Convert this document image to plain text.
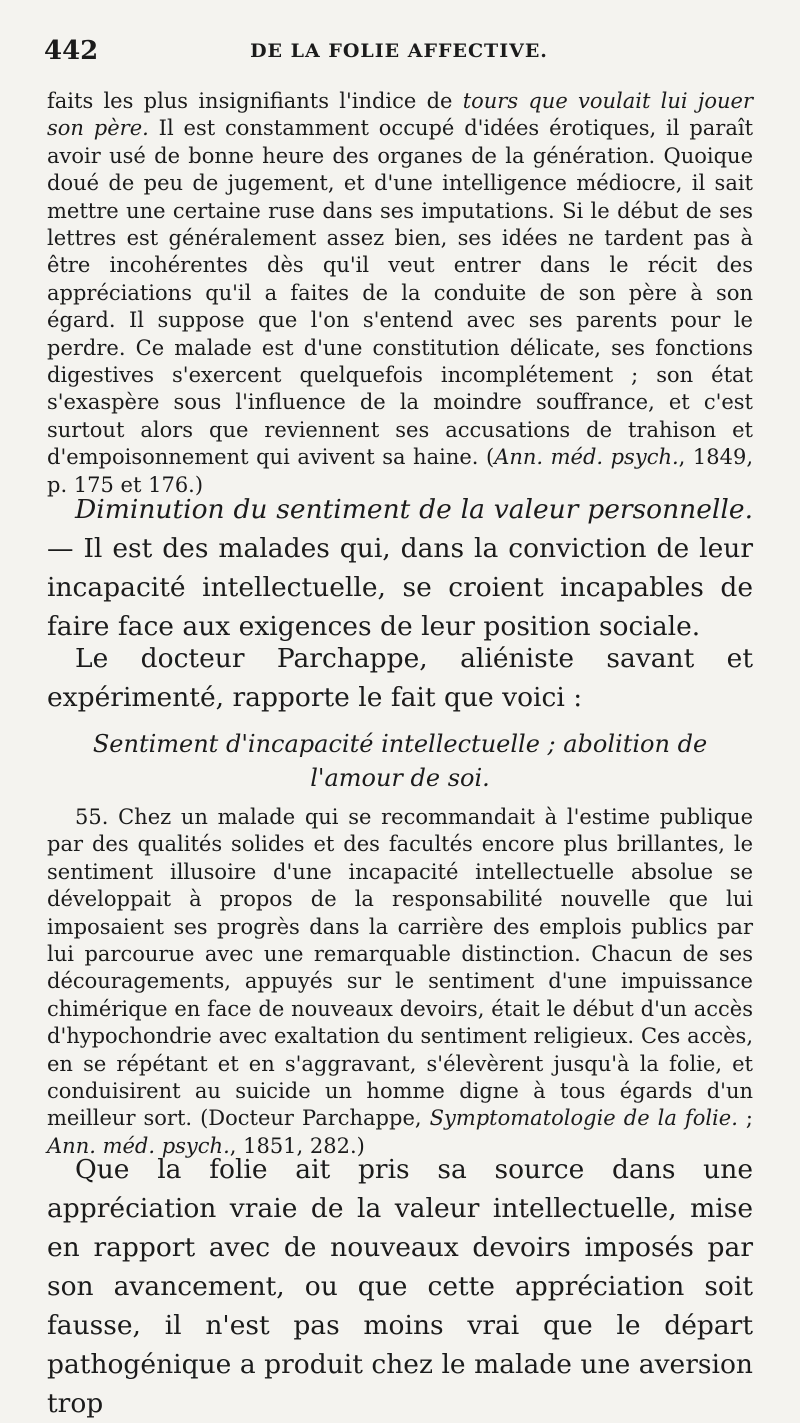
442	DE LA FOLIE AFFECTIVE.
faits les plus insignifiants l'indice de tours que voulait lui jouer son père. Il est constamment occupé d'idées érotiques, il paraît avoir usé de bonne heure des organes de la génération. Quoique doué de peu de jugement, et d'une intelligence médiocre, il sait mettre une certaine ruse dans ses imputations. Si le début de ses lettres est généralement assez bien, ses idées ne tardent pas à être incohérentes dès qu'il veut entrer dans le récit des appréciations qu'il a faites de la conduite de son père à son égard. Il suppose que l'on s'entend avec ses parents pour le perdre. Ce malade est d'une constitution délicate, ses fonctions digestives s'exercent quelquefois incomplétement ; son état s'exaspère sous l'influence de la moindre souffrance, et c'est surtout alors que reviennent ses accusations de trahison et d'empoisonnement qui avivent sa haine. (Ann. méd. psych., 1849, p. 175 et 176.)
Diminution du sentiment de la valeur personnelle. — Il est des malades qui, dans la conviction de leur incapacité intellectuelle, se croient incapables de faire face aux exigences de leur position sociale.
Le docteur Parchappe, aliéniste savant et expérimenté, rapporte le fait que voici :
Sentiment d'incapacité intellectuelle ; abolition de l'amour de soi.
55. Chez un malade qui se recommandait à l'estime publique par des qualités solides et des facultés encore plus brillantes, le sentiment illusoire d'une incapacité intellectuelle absolue se développait à propos de la responsabilité nouvelle que lui imposaient ses progrès dans la carrière des emplois publics par lui parcourue avec une remarquable distinction. Chacun de ses découragements, appuyés sur le sentiment d'une impuissance chimérique en face de nouveaux devoirs, était le début d'un accès d'hypochondrie avec exaltation du sentiment religieux. Ces accès, en se répétant et en s'aggravant, s'élevèrent jusqu'à la folie, et conduisirent au suicide un homme digne à tous égards d'un meilleur sort. (Docteur Parchappe, Symptomatologie de la folie. ; Ann. méd. psych., 1851, 282.)
Que la folie ait pris sa source dans une appréciation vraie de la valeur intellectuelle, mise en rapport avec de nouveaux devoirs imposés par son avancement, ou que cette appréciation soit fausse, il n'est pas moins vrai que le départ pathogénique a produit chez le malade une aversion trop
